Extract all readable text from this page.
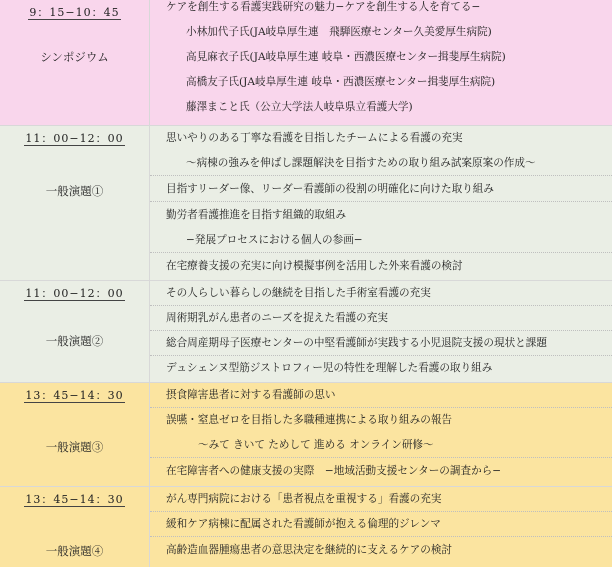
9：15−10：45
シンポジウム
ケアを創生する看護実践研究の魅力−ケアを創生する人を育てる−
小林加代子氏(JA岐阜厚生連　飛騨医療センター久美愛厚生病院)
高見麻衣子氏(JA岐阜厚生連 岐阜・西濃医療センター揖斐厚生病院)
高橋友子氏(JA岐阜厚生連 岐阜・西濃医療センター揖斐厚生病院)
藤澤まこと氏（公立大学法人岐阜県立看護大学)
11：00−12：00
一般演題①
思いやりのある丁寧な看護を目指したチームによる看護の充実
〜病棟の強みを伸ばし課題解決を目指すための取り組み試案原案の作成〜
目指すリーダー像、リーダー看護師の役割の明確化に向けた取り組み
勤労者看護推進を目指す組織的取組み
−発展プロセスにおける個人の参画−
在宅療養支援の充実に向け模擬事例を活用した外来看護の検討
11：00−12：00
一般演題②
その人らしい暮らしの継続を目指した手術室看護の充実
周術期乳がん患者のニーズを捉えた看護の充実
総合周産期母子医療センターの中堅看護師が実践する小児退院支援の現状と課題
デュシェンヌ型筋ジストロフィー児の特性を理解した看護の取り組み
13：45−14：30
一般演題③
摂食障害患者に対する看護師の思い
誤嚥・窒息ゼロを目指した多職種連携による取り組みの報告
〜みて きいて ためして 進める オンライン研修〜
在宅障害者への健康支援の実際　−地域活動支援センターの調査から−
13：45−14：30
一般演題④
がん専門病院における「患者視点を重視する」看護の充実
緩和ケア病棟に配属された看護師が抱える倫理的ジレンマ
高齢造血器腫瘍患者の意思決定を継続的に支えるケアの検討
